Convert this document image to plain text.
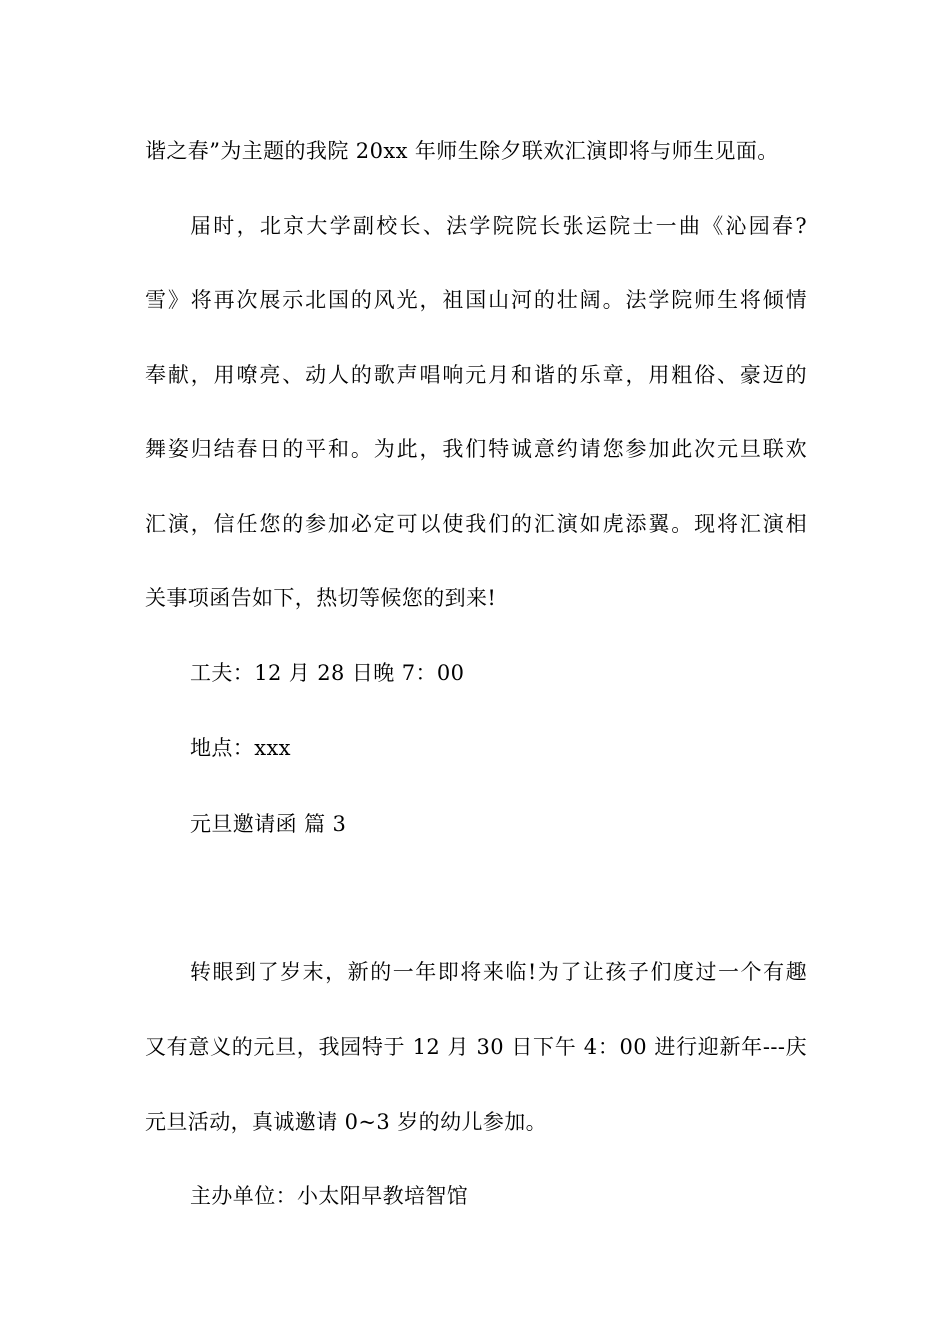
谐之春”为主题的我院 20xx 年师生除夕联欢汇演即将与师生见面。
届时，北京大学副校长、法学院院长张运院士一曲《沁园春?
雪》将再次展示北国的风光，祖国山河的壮阔。法学院师生将倾情
奉献，用嘹亮、动人的歌声唱响元月和谐的乐章，用粗俗、豪迈的
舞姿归结春日的平和。为此，我们特诚意约请您参加此次元旦联欢
汇演，信任您的参加必定可以使我们的汇演如虎添翼。现将汇演相
关事项函告如下，热切等候您的到来!
工夫：12 月 28 日晚 7：00
地点：xxx
元旦邀请函 篇 3
转眼到了岁末，新的一年即将来临!为了让孩子们度过一个有趣
又有意义的元旦，我园特于 12 月 30 日下午 4：00 进行迎新年---庆
元旦活动，真诚邀请 0~3 岁的幼儿参加。
主办单位：小太阳早教培智馆
